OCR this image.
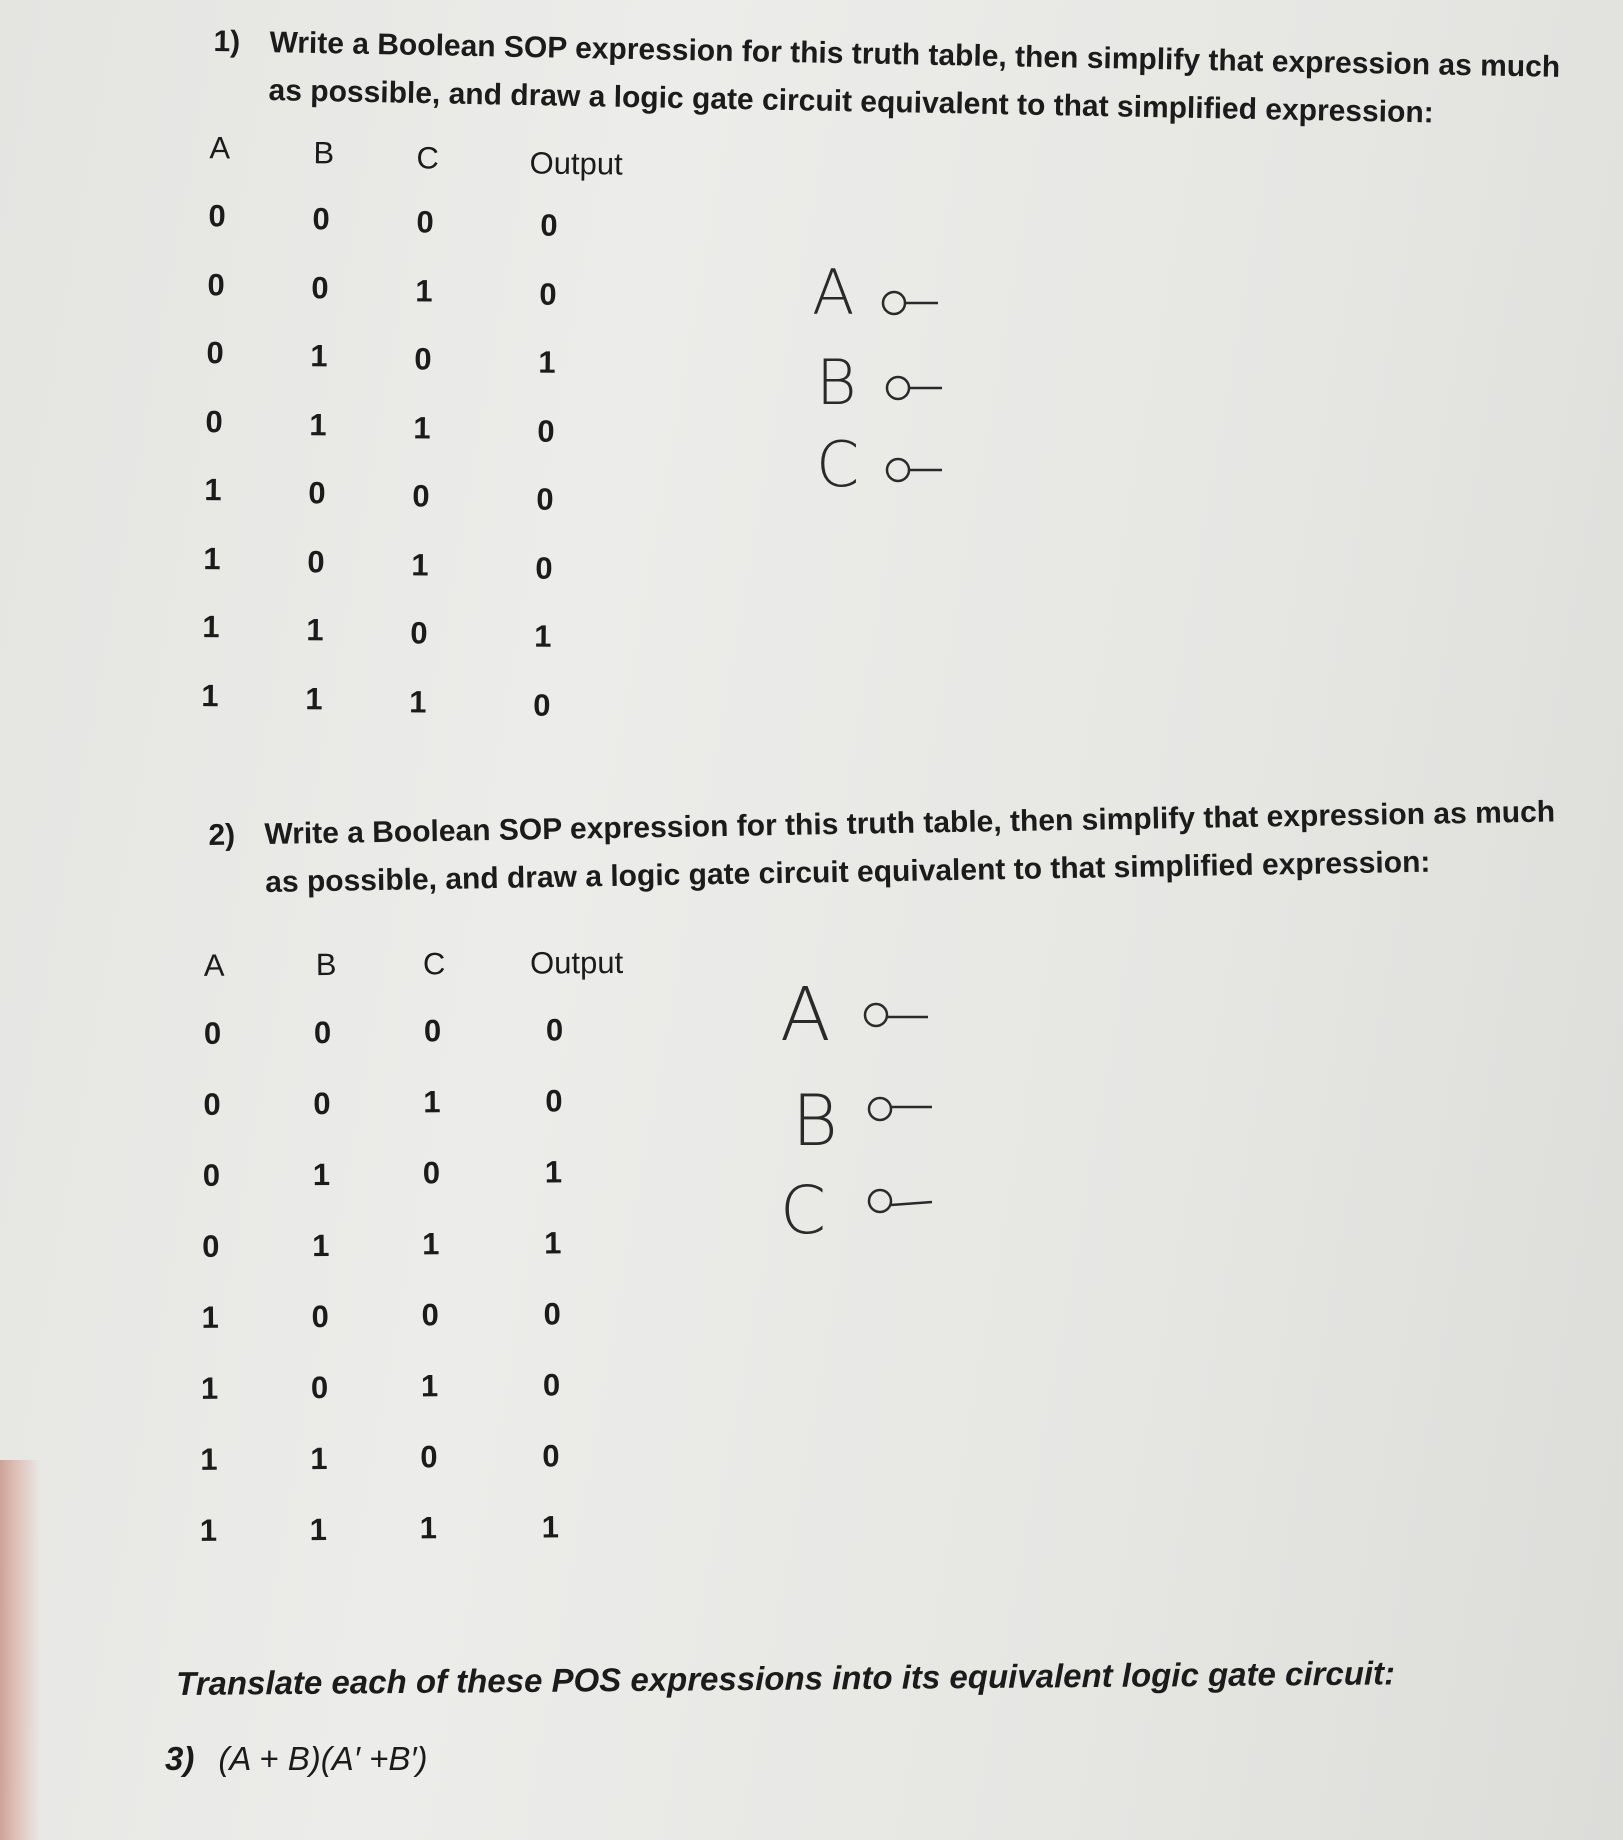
1) Write a Boolean SOP expression for this truth table, then simplify that expression as much as possible, and draw a logic gate circuit equivalent to that simplified expression:
A	B	C	Output
0	0	0	0
0	0	1	0
0	1	0	1
0	1	1	0
1	0	0	0
1	0	1	0
1	1	0	1
1	1	1	0
A
B
C
2) Write a Boolean SOP expression for this truth table, then simplify that expression as much as possible, and draw a logic gate circuit equivalent to that simplified expression:
A	B	C	Output
0	0	0	0
0	0	1	0
0	1	0	1
0	1	1	1
1	0	0	0
1	0	1	0
1	1	0	0
1	1	1	1
A
B
C
Translate each of these POS expressions into its equivalent logic gate circuit:
3) (A + B)(A′ +B′)
